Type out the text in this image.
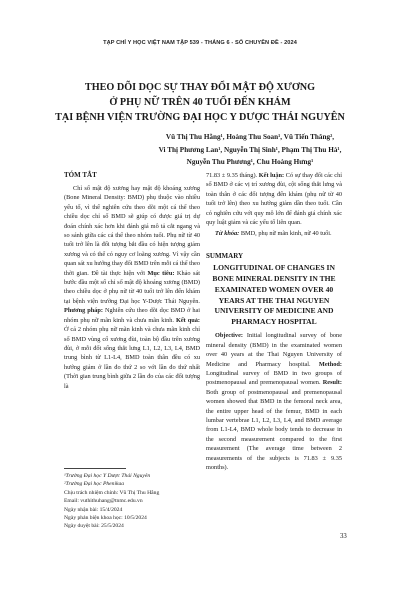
TẠP CHÍ Y HỌC VIỆT NAM TẬP 539 - THÁNG 6 - SỐ CHUYÊN ĐỀ - 2024
THEO DÕI DỌC SỰ THAY ĐỔI MẬT ĐỘ XƯƠNG
Ở PHỤ NỮ TRÊN 40 TUỔI ĐẾN KHÁM
TẠI BỆNH VIỆN TRƯỜNG ĐẠI HỌC Y DƯỢC THÁI NGUYÊN
Vũ Thị Thu Hằng¹, Hoàng Thu Soan¹, Vũ Tiến Thăng²,
Vi Thị Phương Lan¹, Nguyễn Thị Sinh¹, Phạm Thị Thu Hà¹,
Nguyễn Thu Phương¹, Chu Hoàng Hưng¹
TÓM TẮT

Chỉ số mật độ xương hay mật độ khoáng xương (Bone Mineral Density: BMD) phụ thuộc vào nhiều yếu tố, vì thế nghiên cứu theo dõi một cá thể theo chiều dọc chỉ số BMD sẽ giúp có được giá trị dự đoán chính xác hơn khi đánh giá mô tả cắt ngang và so sánh giữa các cá thể theo nhóm tuổi. Phụ nữ từ 40 tuổi trở lên là đối tượng bắt đầu có hiện tượng giảm xương và có thể có nguy cơ loãng xương. Vì vậy cần quan sát xu hướng thay đổi BMD trên mỗi cá thể theo thời gian. Đề tài thực hiện với Mục tiêu: Khảo sát bước đầu một số chỉ số mật độ khoáng xương (BMD) theo chiều dọc ở phụ nữ từ 40 tuổi trở lên đến khám tại bệnh viện trường Đại học Y-Dược Thái Nguyên. Phương pháp: Nghiên cứu theo dõi dọc BMD ở hai nhóm phụ nữ mãn kinh và chưa mãn kinh. Kết quả: Ở cả 2 nhóm phụ nữ mãn kinh và chưa mãn kinh chỉ số BMD vùng cổ xương đùi, toàn bộ đầu trên xương đùi, ở mỗi đốt sống thắt lưng L1, L2, L3, L4, BMD trung bình từ L1-L4, BMD toàn thân đều có xu hướng giảm ở lần đo thứ 2 so với lần đo thứ nhất (Thời gian trung bình giữa 2 lần đo của các đối tượng là

71.83 ± 9.35 tháng). Kết luận: Có sự thay đổi các chỉ số BMD ở các vị trí xương đùi, cột sống thắt lưng và toàn thân ở các đối tượng đến khám (phụ nữ từ 40 tuổi trở lên) theo xu hướng giảm dần theo tuổi. Cần có nghiên cứu với quy mô lớn để đánh giá chính xác quy luật giảm và các yếu tố liên quan.

Từ khóa: BMD, phụ nữ mãn kinh, nữ 40 tuổi.

SUMMARY
LONGITUDINAL OF CHANGES IN BONE MINERAL DENSITY IN THE EXAMINATED WOMEN OVER 40 YEARS AT THE THAI NGUYEN UNIVERSITY OF MEDICINE AND PHARMACY HOSPITAL

Objective: Initial longitudinal survey of bone mineral density (BMD) in the examinated women over 40 years at the Thai Nguyen University of Medicine and Pharmacy hospital. Method: Longitudinal survey of BMD in two groups of postmenopausal and premenopausal women. Result: Both group of postmenopausal and premenopausal women showed that BMD in the femoral neck area, the entire upper head of the femur, BMD in each lumbar vertebrae L1, L2, L3, L4, and BMD average from L1-L4, BMD whole body tends to decrease in the second measurement compared to the first measurement (The average time between 2 measurements of the subjects is 71.83 ± 9.35 months).

¹Trường Đại học Y Dược Thái Nguyên
²Trường Đại học Phenikaa
Chịu trách nhiệm chính: Vũ Thị Thu Hằng
Email: vuthithuhang@tnmc.edu.vn
Ngày nhận bài: 15/4/2024
Ngày phản biện khoa học: 10/5/2024
Ngày duyệt bài: 25/5/2024
33
